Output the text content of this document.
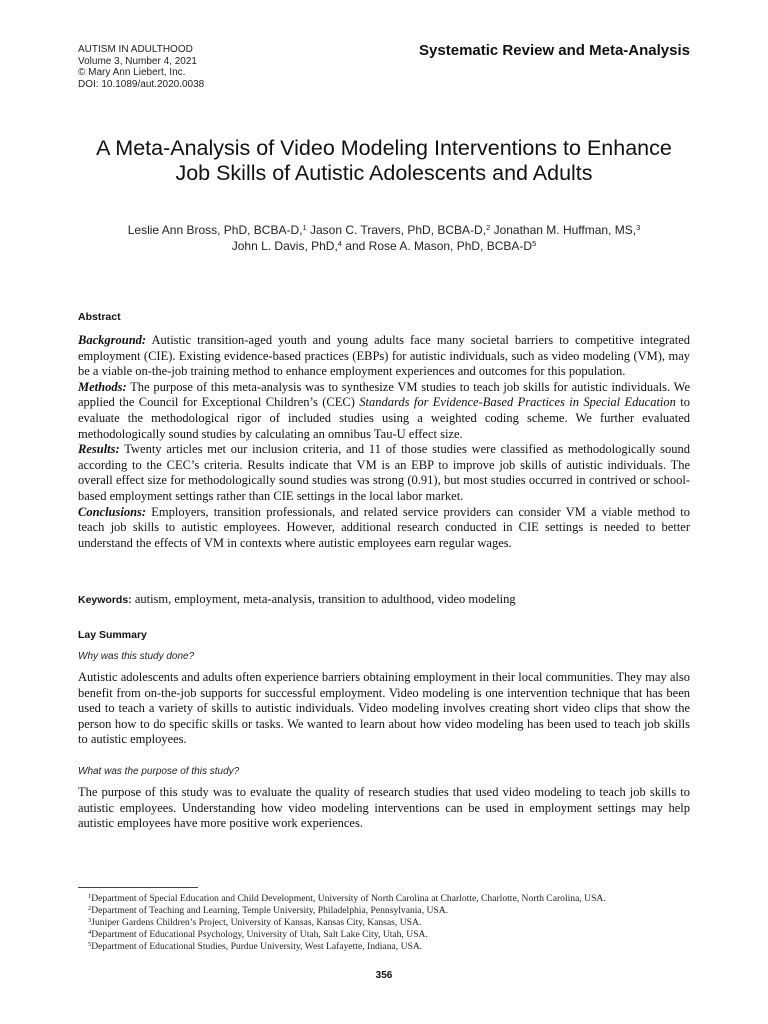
AUTISM IN ADULTHOOD
Volume 3, Number 4, 2021
© Mary Ann Liebert, Inc.
DOI: 10.1089/aut.2020.0038
Systematic Review and Meta-Analysis
A Meta-Analysis of Video Modeling Interventions to Enhance
Job Skills of Autistic Adolescents and Adults
Leslie Ann Bross, PhD, BCBA-D,$^1$ Jason C. Travers, PhD, BCBA-D,$^2$ Jonathan M. Huffman, MS,$^3$
John L. Davis, PhD,$^4$ and Rose A. Mason, PhD, BCBA-$D^5$
Abstract

Background: Autistic transition-aged youth and young adults face many societal barriers to competitive integrated employment (CIE). Existing evidence-based practices (EBPs) for autistic individuals, such as video modeling (VM), may be a viable on-the-job training method to enhance employment experiences and outcomes for this population.

Methods: The purpose of this meta-analysis was to synthesize VM studies to teach job skills for autistic individuals. We applied the Council for Exceptional Children’s (CEC) Standards for Evidence-Based Practices in Special Education to evaluate the methodological rigor of included studies using a weighted coding scheme. We further evaluated methodologically sound studies by calculating an omnibus Tau-U effect size.

Results: Twenty articles met our inclusion criteria, and 11 of those studies were classified as methodologically sound according to the CEC’s criteria. Results indicate that VM is an EBP to improve job skills of autistic individuals. The overall effect size for methodologically sound studies was strong (0.91), but most studies occurred in contrived or school-based employment settings rather than CIE settings in the local labor market.

Conclusions: Employers, transition professionals, and related service providers can consider VM a viable method to teach job skills to autistic employees. However, additional research conducted in CIE settings is needed to better understand the effects of VM in contexts where autistic employees earn regular wages.

Keywords: autism, employment, meta-analysis, transition to adulthood, video modeling
Lay Summary
Why was this study done?

Autistic adolescents and adults often experience barriers obtaining employment in their local communities. They may also benefit from on-the-job supports for successful employment. Video modeling is one intervention technique that has been used to teach a variety of skills to autistic individuals. Video modeling involves creating short video clips that show the person how to do specific skills or tasks. We wanted to learn about how video modeling has been used to teach job skills to autistic employees.

What was the purpose of this study?

The purpose of this study was to evaluate the quality of research studies that used video modeling to teach job skills to autistic employees. Understanding how video modeling interventions can be used in employment settings may help autistic employees have more positive work experiences.

$^1$Department of Special Education and Child Development, University of North Carolina at Charlotte, Charlotte, North Carolina, USA.
$^2$Department of Teaching and Learning, Temple University, Philadelphia, Pennsylvania, USA.
$^3$Juniper Gardens Children’s Project, University of Kansas, Kansas City, Kansas, USA.
$^4$Department of Educational Psychology, University of Utah, Salt Lake City, Utah, USA.
$^5$Department of Educational Studies, Purdue University, West Lafayette, Indiana, USA.
356
